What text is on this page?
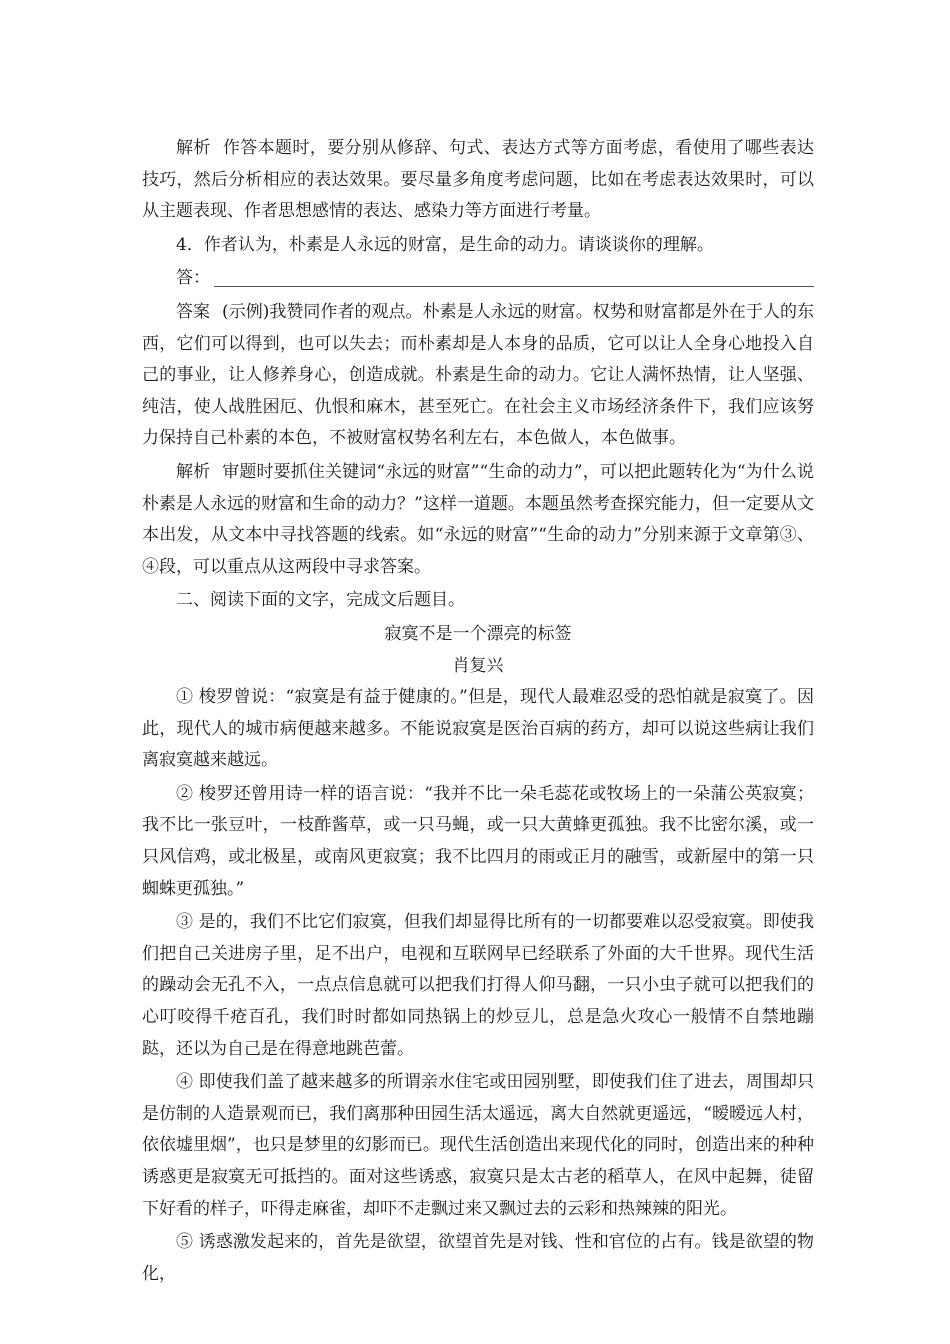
解析 作答本题时，要分别从修辞、句式、表达方式等方面考虑，看使用了哪些表达技巧，然后分析相应的表达效果。要尽量多角度考虑问题，比如在考虑表达效果时，可以从主题表现、作者思想感情的表达、感染力等方面进行考量。

4．作者认为，朴素是人永远的财富，是生命的动力。请谈谈你的理解。

答：

答案 (示例)我赞同作者的观点。朴素是人永远的财富。权势和财富都是外在于人的东西，它们可以得到，也可以失去；而朴素却是人本身的品质，它可以让人全身心地投入自己的事业，让人修养身心，创造成就。朴素是生命的动力。它让人满怀热情，让人坚强、纯洁，使人战胜困厄、仇恨和麻木，甚至死亡。在社会主义市场经济条件下，我们应该努力保持自己朴素的本色，不被财富权势名利左右，本色做人，本色做事。

解析 审题时要抓住关键词“永远的财富”“生命的动力”，可以把此题转化为“为什么说朴素是人永远的财富和生命的动力？”这样一道题。本题虽然考查探究能力，但一定要从文本出发，从文本中寻找答题的线索。如“永远的财富”“生命的动力”分别来源于文章第③、④段，可以重点从这两段中寻求答案。

二、阅读下面的文字，完成文后题目。

寂寞不是一个漂亮的标签

肖复兴

① 梭罗曾说：“寂寞是有益于健康的。”但是，现代人最难忍受的恐怕就是寂寞了。因此，现代人的城市病便越来越多。不能说寂寞是医治百病的药方，却可以说这些病让我们离寂寞越来越远。

② 梭罗还曾用诗一样的语言说：“我并不比一朵毛蕊花或牧场上的一朵蒲公英寂寞；我不比一张豆叶，一枝酢酱草，或一只马蝇，或一只大黄蜂更孤独。我不比密尔溪，或一只风信鸡，或北极星，或南风更寂寞；我不比四月的雨或正月的融雪，或新屋中的第一只蜘蛛更孤独。”

③ 是的，我们不比它们寂寞，但我们却显得比所有的一切都要难以忍受寂寞。即使我们把自己关进房子里，足不出户，电视和互联网早已经联系了外面的大千世界。现代生活的躁动会无孔不入，一点点信息就可以把我们打得人仰马翻，一只小虫子就可以把我们的心叮咬得千疮百孔，我们时时都如同热锅上的炒豆儿，总是急火攻心一般情不自禁地蹦跶，还以为自己是在得意地跳芭蕾。

④ 即使我们盖了越来越多的所谓亲水住宅或田园别墅，即使我们住了进去，周围却只是仿制的人造景观而已，我们离那种田园生活太遥远，离大自然就更遥远，“暧暧远人村，依依墟里烟”，也只是梦里的幻影而已。现代生活创造出来现代化的同时，创造出来的种种诱惑更是寂寞无可抵挡的。面对这些诱惑，寂寞只是太古老的稻草人，在风中起舞，徒留下好看的样子，吓得走麻雀，却吓不走飘过来又飘过去的云彩和热辣辣的阳光。

⑤ 诱惑激发起来的，首先是欲望，欲望首先是对钱、性和官位的占有。钱是欲望的物化，
